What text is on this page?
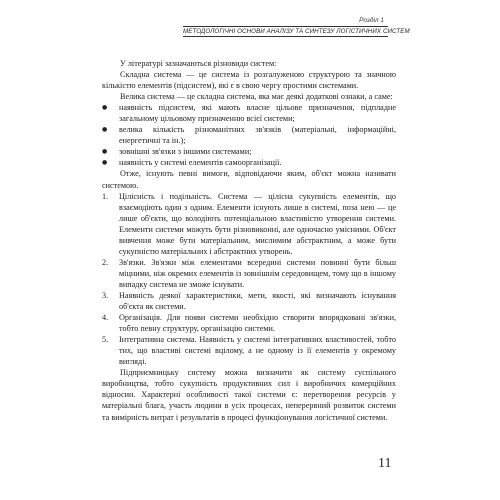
Розділ 1
МЕТОДОЛОГІЧНІ ОСНОВИ АНАЛІЗУ ТА СИНТЕЗУ ЛОГІСТИЧНИХ СИСТЕМ

У літературі зазначаються різновиди систем:

Складна система — це система із розгалуженою структурою та значною кількістю елементів (підсистем), які є в свою чергу простими системами.

Велика система — це складна система, яка має деякі додаткові ознаки, а саме:

● наявність підсистем, які мають власне цільове призначення, підпладне загальному цільовому призначенню всієї системи;
● велика кількість різноманітних зв'язків (матеріальні, інформаційні, енергетичні та ін.);
● зовнішні зв'язки з іншими системами;
● наявність у системі елементів самоорганізації.

Отже, існують певні вимоги, відповідаючи яким, об'єкт можна називати системою.

1. Цілісність і подільність. Система — цілісна сукупність елементів, що взаємодіють один з одним. Елементи існують лише в системі, поза нею — це лише об'єкти, що володіють потенціальною властивістю утворення системи. Елементи системи можуть бути різновиконні, але одночасно умісними. Об'єкт вивчення може бути матеріальним, мислимим абстрактним, а може бути сукупністю матеріальних і абстрактних утворень.
2. Зв'язки. Зв'язки між елементами всередині системи повинні бути більш міцними, ніж окремих елементів із зовнішнім середовищем, тому що в іншому випадку система не зможе існувати.
3. Наявність деякої характеристики, мети, якості, які визначають існування об'єкта як системи.
4. Організація. Для появи системи необхідно створити впорядковані зв'язки, тобто певну структуру, організацію системи.
5. Інтегративна система. Наявність у системі інтегративних властивостей, тобто тих, що властиві системі вцілому, а не одному із її елементів у окремому вигляді.

Підприємницьку систему можна визначити як систему суспільного виробництва, тобто сукупність продуктивних сил і виробничих комерційних відносин. Характерні особливості такої системи є: перетворення ресурсів у матеріальні блага, участь людини в усіх процесах, неперервний розвиток системи та вимірність витрат і результатів в процесі функціонування логістичної системи.

11
